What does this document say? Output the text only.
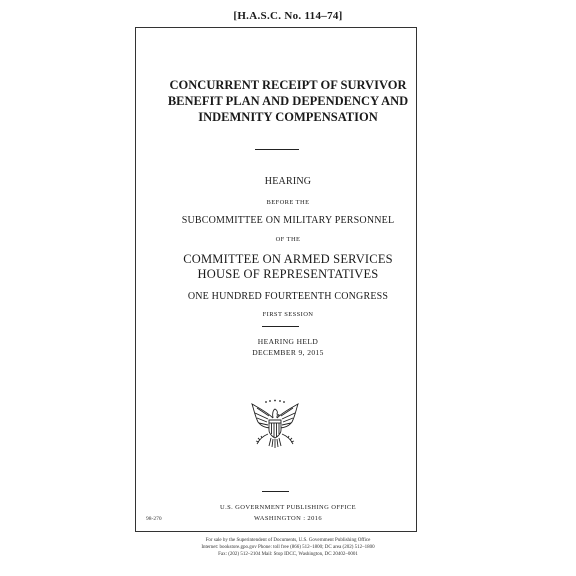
[H.A.S.C. No. 114–74]
CONCURRENT RECEIPT OF SURVIVOR
BENEFIT PLAN AND DEPENDENCY AND
INDEMNITY COMPENSATION
HEARING
BEFORE THE
SUBCOMMITTEE ON MILITARY PERSONNEL
OF THE
COMMITTEE ON ARMED SERVICES
HOUSE OF REPRESENTATIVES
ONE HUNDRED FOURTEENTH CONGRESS
FIRST SESSION
HEARING HELD
DECEMBER 9, 2015
U.S. GOVERNMENT PUBLISHING OFFICE
98-270	WASHINGTON : 2016
For sale by the Superintendent of Documents, U.S. Government Publishing Office
Internet: bookstore.gpo.gov Phone: toll free (866) 512–1800; DC area (202) 512–1800
Fax: (202) 512–2104 Mail: Stop IDCC, Washington, DC 20402–0001
